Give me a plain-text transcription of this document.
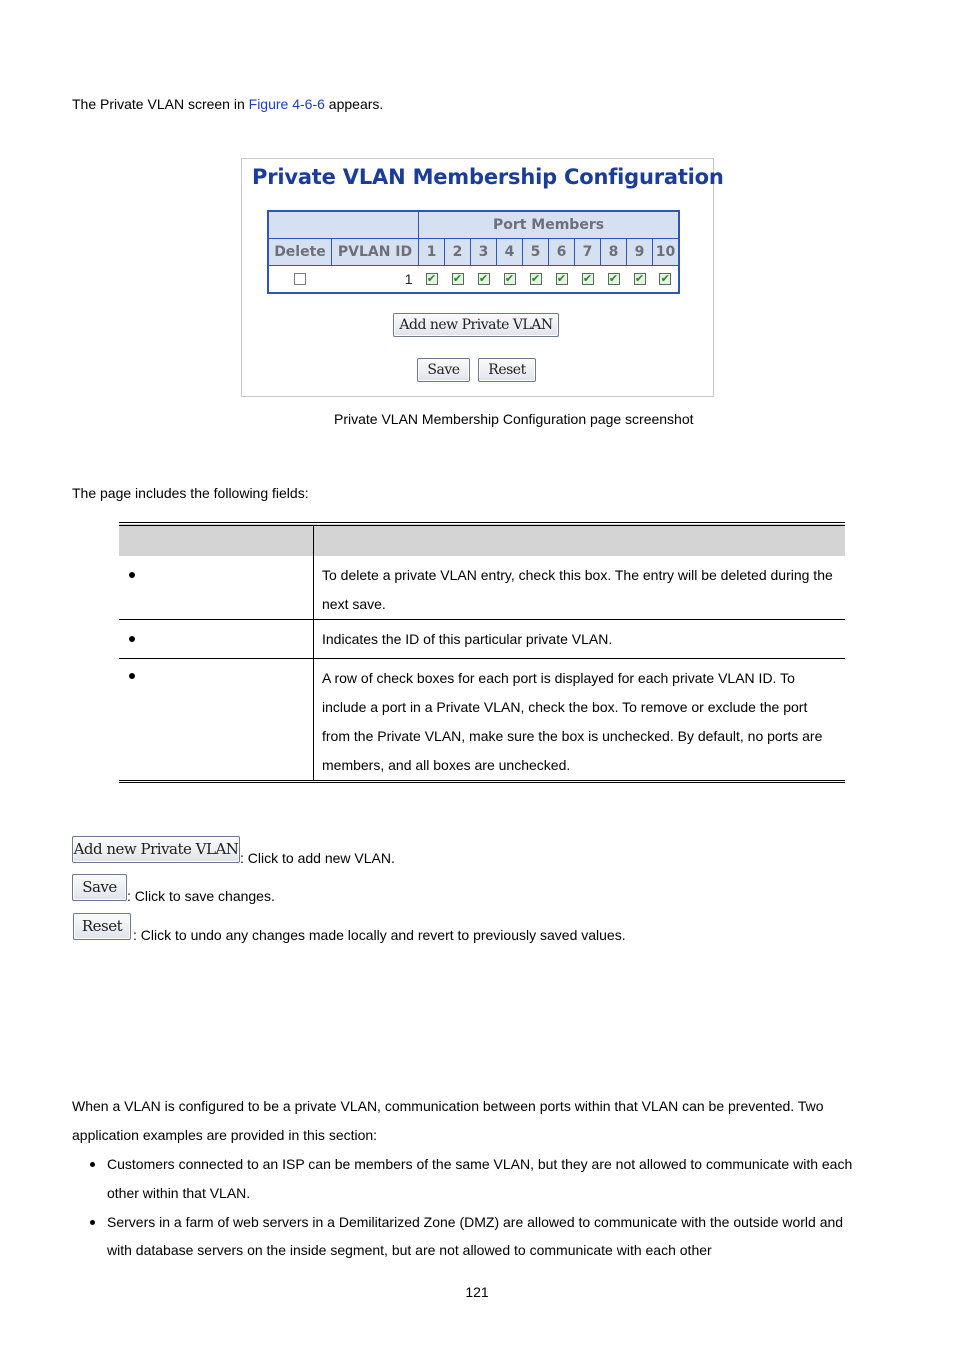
The Private VLAN screen in Figure 4-6-6 appears.
Private VLAN Membership Configuration
		Port Members									
Delete	PVLAN ID	1	2	3	4	5	6	7	8	9	10
	1	✔	✔	✔	✔	✔	✔	✔	✔	✔	✔
Add new Private VLAN
Save	Reset
Private VLAN Membership Configuration page screenshot
The page includes the following fields:

	To delete a private VLAN entry, check this box. The entry will be deleted during the next save.
	Indicates the ID of this particular private VLAN.
	A row of check boxes for each port is displayed for each private VLAN ID. To include a port in a Private VLAN, check the box. To remove or exclude the port from the Private VLAN, make sure the box is unchecked. By default, no ports are members, and all boxes are unchecked.
Add new Private VLAN : Click to add new VLAN.
Save : Click to save changes.
Reset : Click to undo any changes made locally and revert to previously saved values.
When a VLAN is configured to be a private VLAN, communication between ports within that VLAN can be prevented. Two
application examples are provided in this section:
Customers connected to an ISP can be members of the same VLAN, but they are not allowed to communicate with each
other within that VLAN.
Servers in a farm of web servers in a Demilitarized Zone (DMZ) are allowed to communicate with the outside world and
with database servers on the inside segment, but are not allowed to communicate with each other
121
